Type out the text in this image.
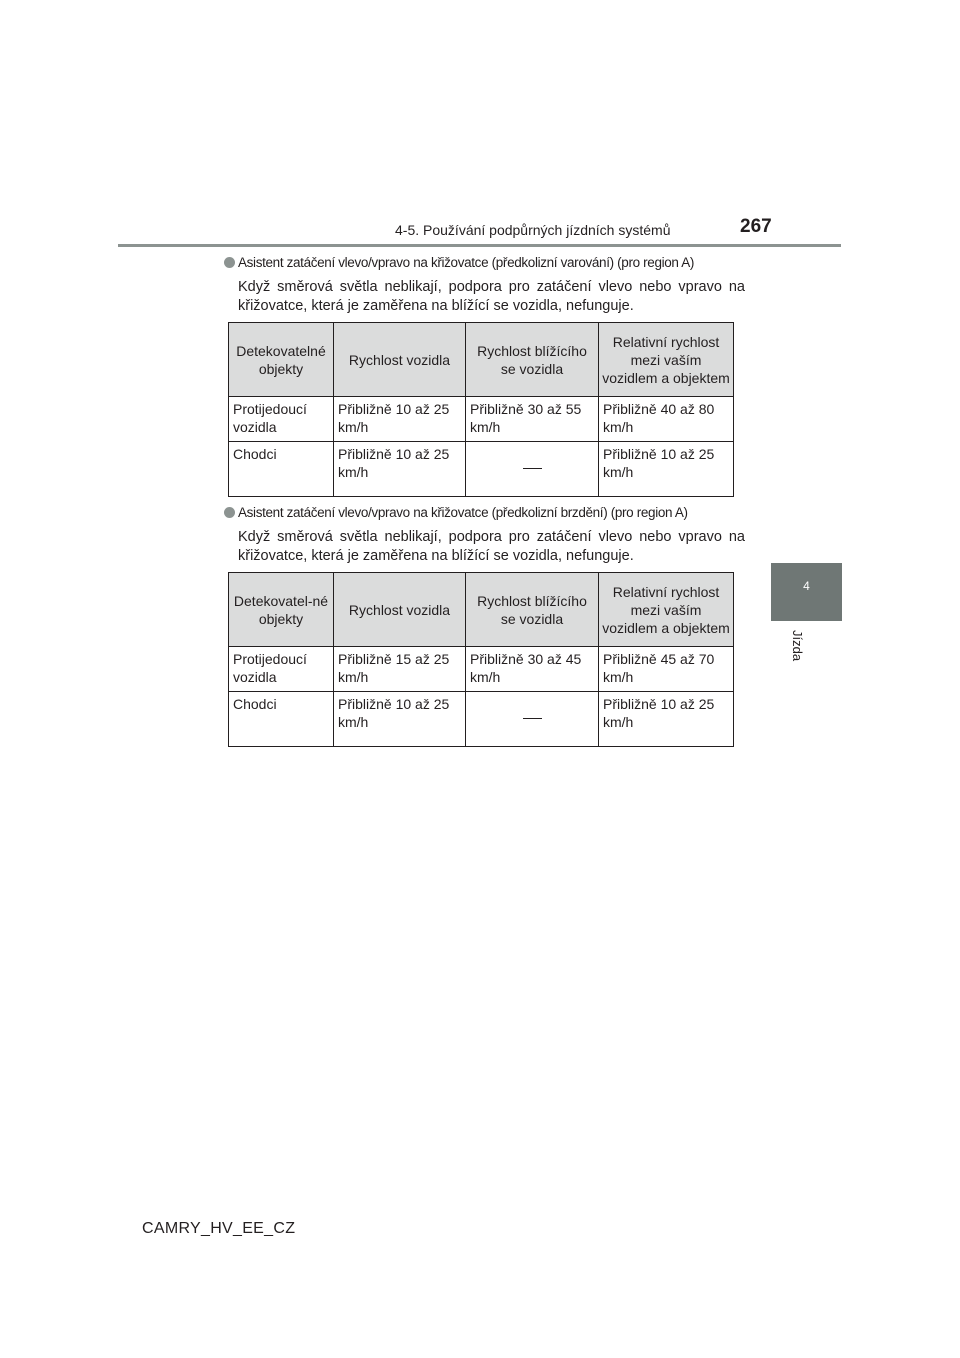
4-5. Používání podpůrných jízdních systémů	267
4
Jízda
Asistent zatáčení vlevo/vpravo na křižovatce (předkolizní varování) (pro region A)
Když směrová světla neblikají, podpora pro zatáčení vlevo nebo vpravo na křižovatce, která je zaměřena na blížící se vozidla, nefunguje.
Detekovatelné objekty	Rychlost vozidla	Rychlost blížícího se vozidla	Relativní rychlost mezi vaším vozidlem a objektem
Protijedoucí vozidla	Přibližně 10 až 25 km/h	Přibližně 30 až 55 km/h	Přibližně 40 až 80 km/h
Chodci	Přibližně 10 až 25 km/h		Přibližně 10 až 25 km/h
Asistent zatáčení vlevo/vpravo na křižovatce (předkolizní brzdění) (pro region A)
Když směrová světla neblikají, podpora pro zatáčení vlevo nebo vpravo na křižovatce, která je zaměřena na blížící se vozidla, nefunguje.
Detekovatel-né objekty	Rychlost vozidla	Rychlost blížícího se vozidla	Relativní rychlost mezi vaším vozidlem a objektem
Protijedoucí vozidla	Přibližně 15 až 25 km/h	Přibližně 30 až 45 km/h	Přibližně 45 až 70 km/h
Chodci	Přibližně 10 až 25 km/h		Přibližně 10 až 25 km/h
CAMRY_HV_EE_CZ
